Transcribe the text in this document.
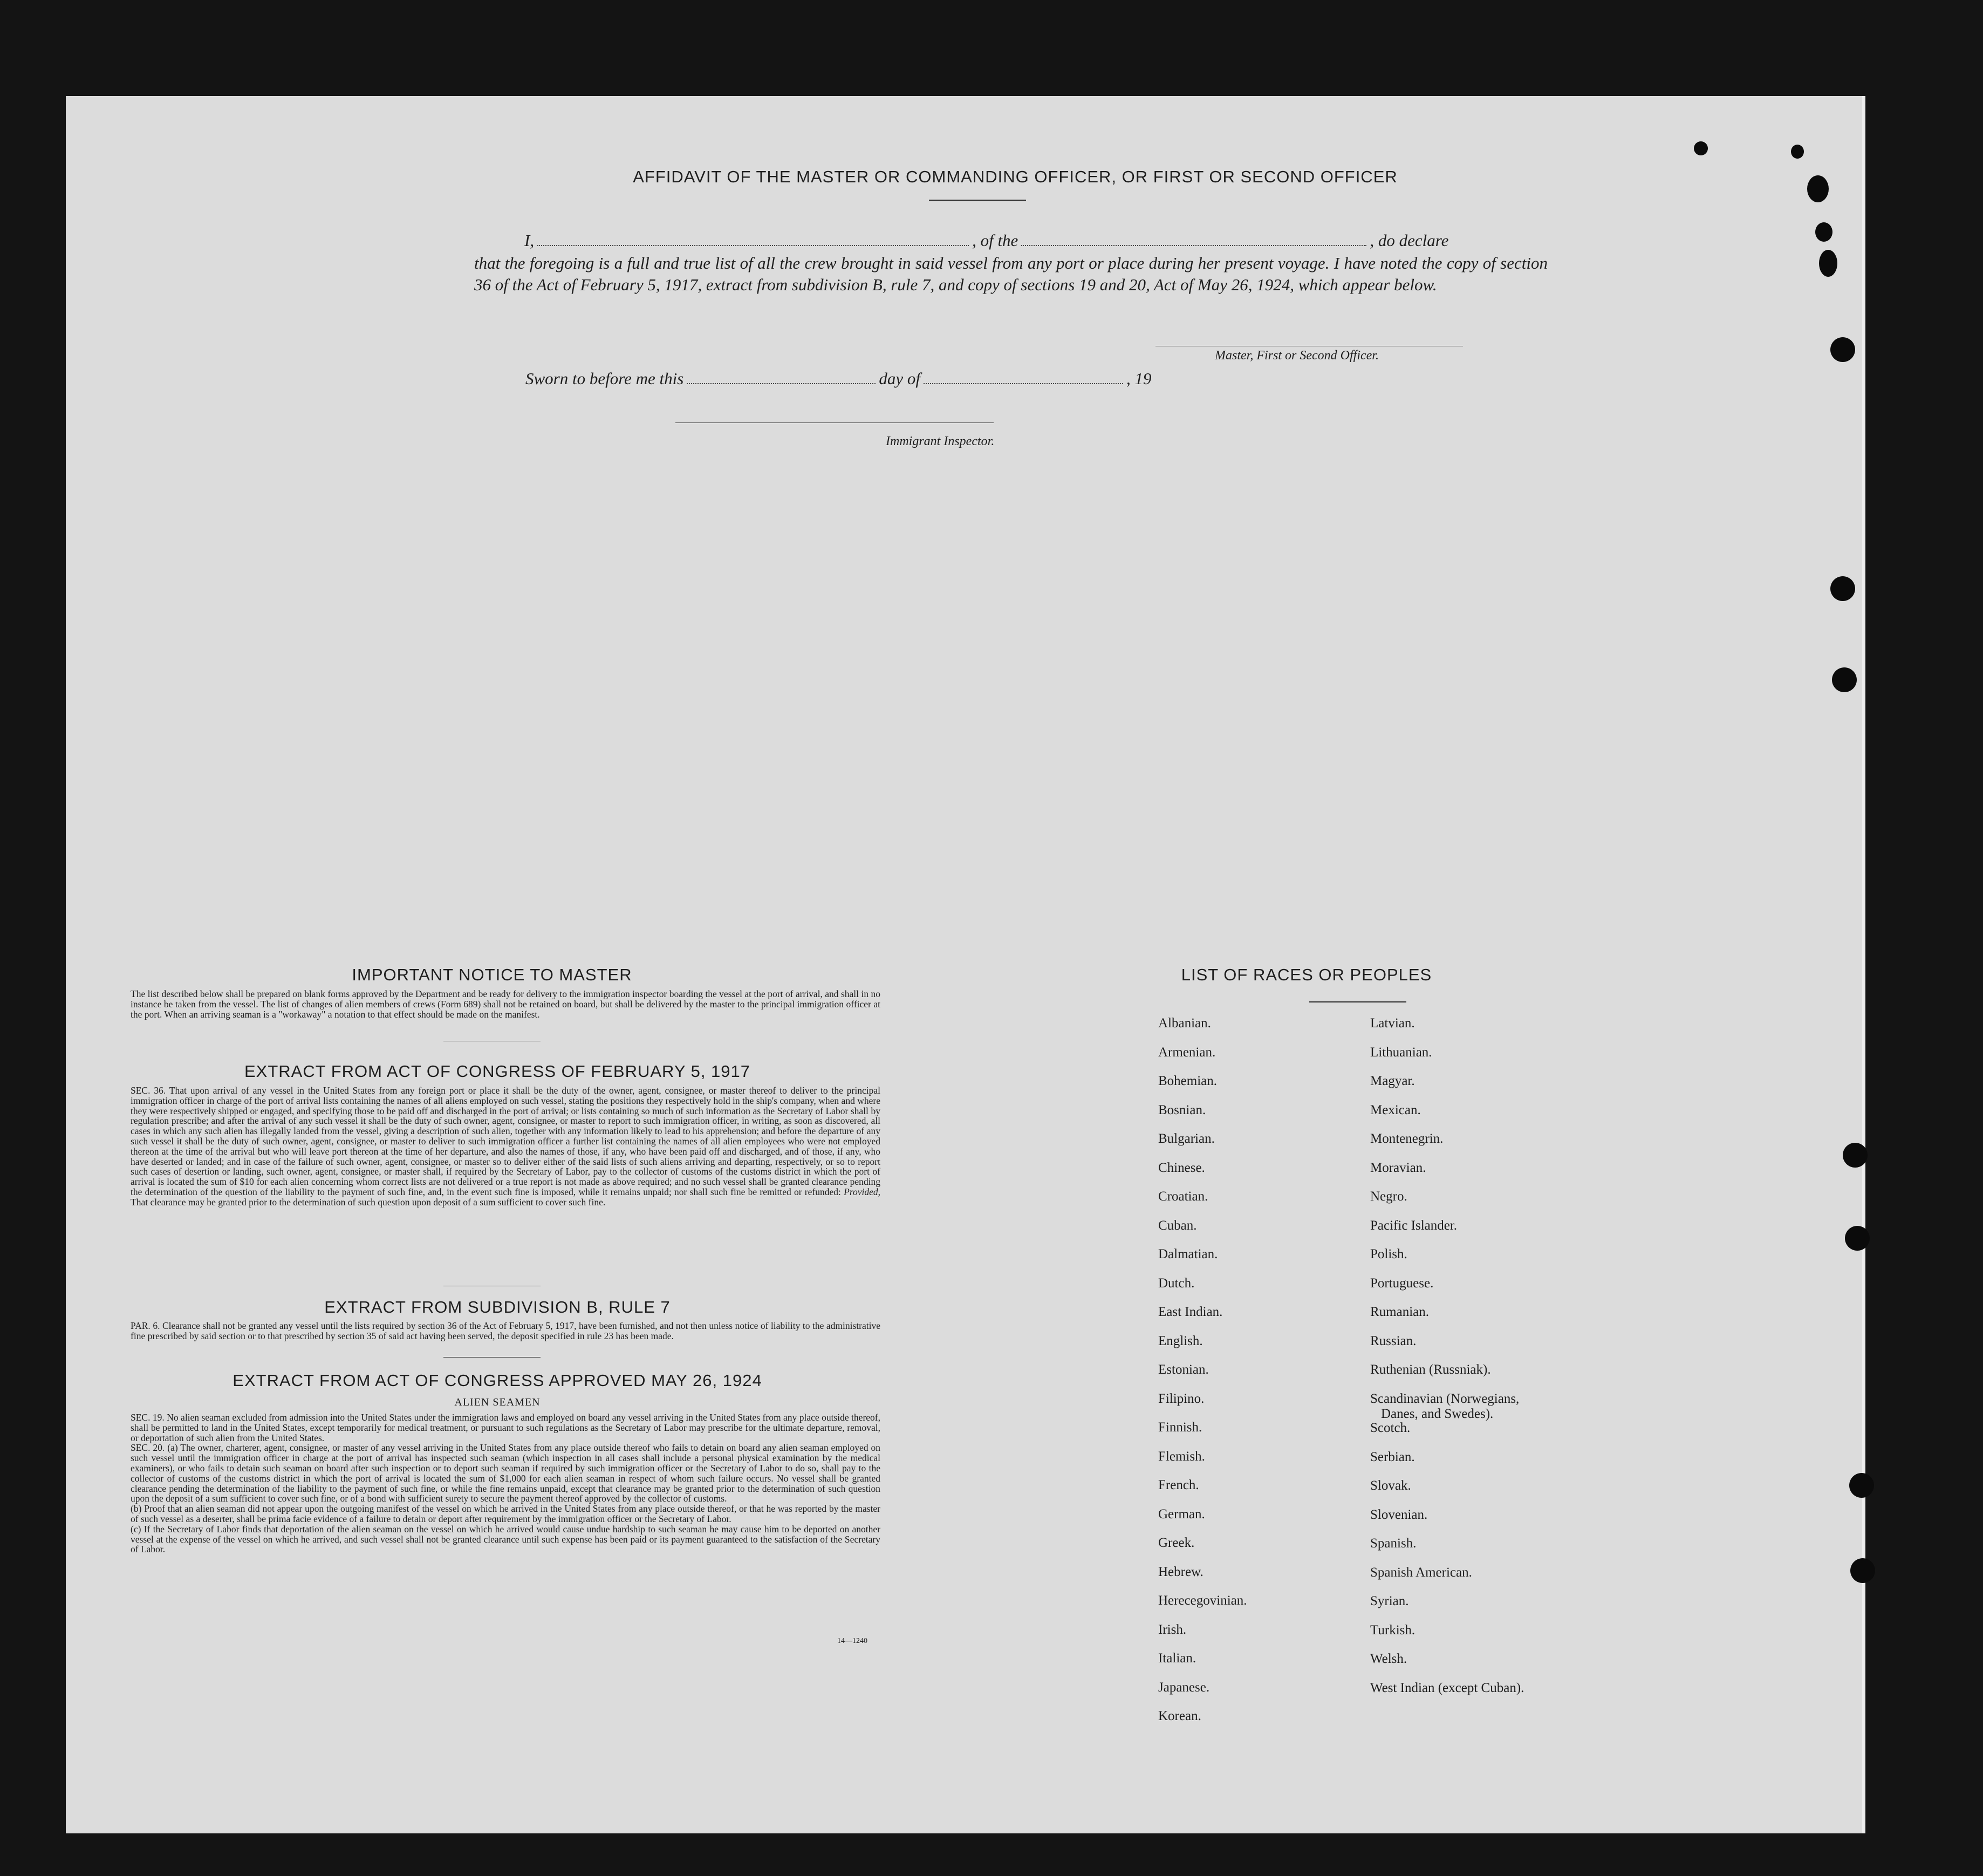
AFFIDAVIT OF THE MASTER OR COMMANDING OFFICER, OR FIRST OR SECOND OFFICER
I,	, of the	, do declare
that the foregoing is a full and true list of all the crew brought in said vessel from any port or place during her present voyage. I have noted the copy of section 36 of the Act of February 5, 1917, extract from subdivision B, rule 7, and copy of sections 19 and 20, Act of May 26, 1924, which appear below.
Master, First or Second Officer.
Sworn to before me this	day of	, 19
Immigrant Inspector.
IMPORTANT NOTICE TO MASTER
The list described below shall be prepared on blank forms approved by the Department and be ready for delivery to the immigration inspector boarding the vessel at the port of arrival, and shall in no instance be taken from the vessel. The list of changes of alien members of crews (Form 689) shall not be retained on board, but shall be delivered by the master to the principal immigration officer at the port. When an arriving seaman is a "workaway" a notation to that effect should be made on the manifest.
EXTRACT FROM ACT OF CONGRESS OF FEBRUARY 5, 1917
SEC. 36. That upon arrival of any vessel in the United States from any foreign port or place it shall be the duty of the owner, agent, consignee, or master thereof to deliver to the principal immigration officer in charge of the port of arrival lists containing the names of all aliens employed on such vessel, stating the positions they respectively hold in the ship's company, when and where they were respectively shipped or engaged, and specifying those to be paid off and discharged in the port of arrival; or lists containing so much of such information as the Secretary of Labor shall by regulation prescribe; and after the arrival of any such vessel it shall be the duty of such owner, agent, consignee, or master to report to such immigration officer, in writing, as soon as discovered, all cases in which any such alien has illegally landed from the vessel, giving a description of such alien, together with any information likely to lead to his apprehension; and before the departure of any such vessel it shall be the duty of such owner, agent, consignee, or master to deliver to such immigration officer a further list containing the names of all alien employees who were not employed thereon at the time of the arrival but who will leave port thereon at the time of her departure, and also the names of those, if any, who have been paid off and discharged, and of those, if any, who have deserted or landed; and in case of the failure of such owner, agent, consignee, or master so to deliver either of the said lists of such aliens arriving and departing, respectively, or so to report such cases of desertion or landing, such owner, agent, consignee, or master shall, if required by the Secretary of Labor, pay to the collector of customs of the customs district in which the port of arrival is located the sum of $10 for each alien concerning whom correct lists are not delivered or a true report is not made as above required; and no such vessel shall be granted clearance pending the determination of the question of the liability to the payment of such fine, and, in the event such fine is imposed, while it remains unpaid; nor shall such fine be remitted or refunded: Provided, That clearance may be granted prior to the determination of such question upon deposit of a sum sufficient to cover such fine.
EXTRACT FROM SUBDIVISION B, RULE 7
PAR. 6. Clearance shall not be granted any vessel until the lists required by section 36 of the Act of February 5, 1917, have been furnished, and not then unless notice of liability to the administrative fine prescribed by said section or to that prescribed by section 35 of said act having been served, the deposit specified in rule 23 has been made.
EXTRACT FROM ACT OF CONGRESS APPROVED MAY 26, 1924
ALIEN SEAMEN
SEC. 19. No alien seaman excluded from admission into the United States under the immigration laws and employed on board any vessel arriving in the United States from any place outside thereof, shall be permitted to land in the United States, except temporarily for medical treatment, or pursuant to such regulations as the Secretary of Labor may prescribe for the ultimate departure, removal, or deportation of such alien from the United States.
SEC. 20. (a) The owner, charterer, agent, consignee, or master of any vessel arriving in the United States from any place outside thereof who fails to detain on board any alien seaman employed on such vessel until the immigration officer in charge at the port of arrival has inspected such seaman (which inspection in all cases shall include a personal physical examination by the medical examiners), or who fails to detain such seaman on board after such inspection or to deport such seaman if required by such immigration officer or the Secretary of Labor to do so, shall pay to the collector of customs of the customs district in which the port of arrival is located the sum of $1,000 for each alien seaman in respect of whom such failure occurs. No vessel shall be granted clearance pending the determination of the liability to the payment of such fine, or while the fine remains unpaid, except that clearance may be granted prior to the determination of such question upon the deposit of a sum sufficient to cover such fine, or of a bond with sufficient surety to secure the payment thereof approved by the collector of customs.
(b) Proof that an alien seaman did not appear upon the outgoing manifest of the vessel on which he arrived in the United States from any place outside thereof, or that he was reported by the master of such vessel as a deserter, shall be prima facie evidence of a failure to detain or deport after requirement by the immigration officer or the Secretary of Labor.
(c) If the Secretary of Labor finds that deportation of the alien seaman on the vessel on which he arrived would cause undue hardship to such seaman he may cause him to be deported on another vessel at the expense of the vessel on which he arrived, and such vessel shall not be granted clearance until such expense has been paid or its payment guaranteed to the satisfaction of the Secretary of Labor.
14—1240
LIST OF RACES OR PEOPLES
Albanian.
Armenian.
Bohemian.
Bosnian.
Bulgarian.
Chinese.
Croatian.
Cuban.
Dalmatian.
Dutch.
East Indian.
English.
Estonian.
Filipino.
Finnish.
Flemish.
French.
German.
Greek.
Hebrew.
Herecegovinian.
Irish.
Italian.
Japanese.
Korean.
Latvian.
Lithuanian.
Magyar.
Mexican.
Montenegrin.
Moravian.
Negro.
Pacific Islander.
Polish.
Portuguese.
Rumanian.
Russian.
Ruthenian (Russniak).
Scandinavian (Norwegians,
Danes, and Swedes).
Scotch.
Serbian.
Slovak.
Slovenian.
Spanish.
Spanish American.
Syrian.
Turkish.
Welsh.
West Indian (except Cuban).
